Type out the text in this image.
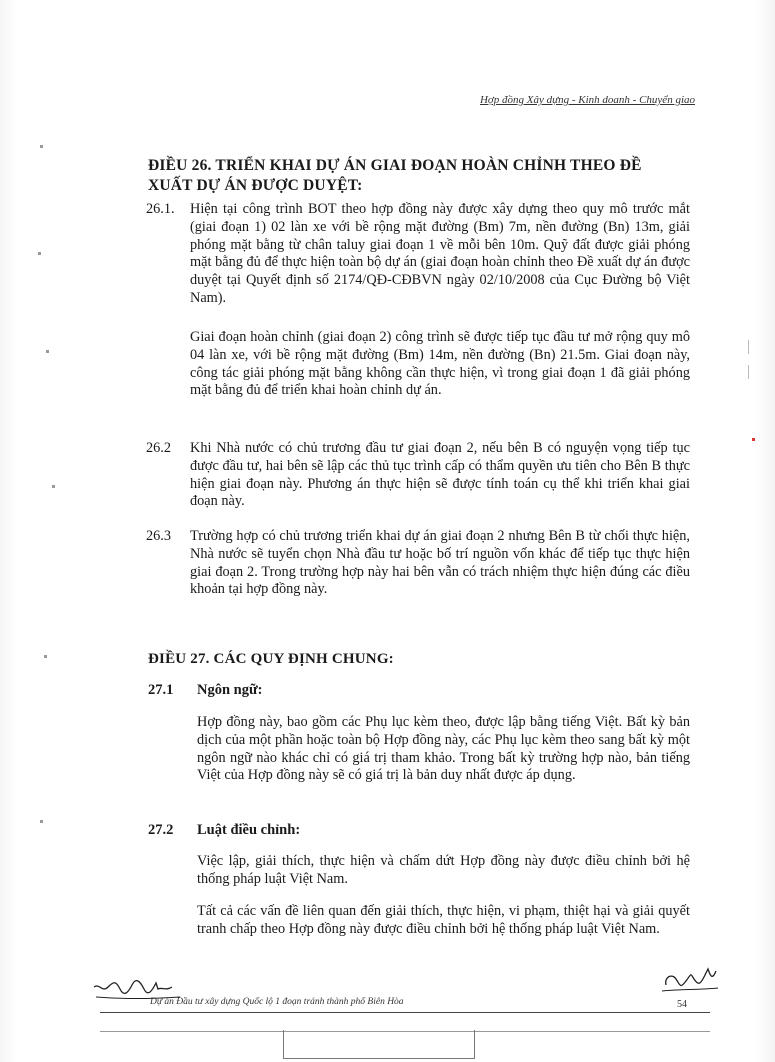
Hợp đồng Xây dựng - Kinh doanh - Chuyển giao
ĐIỀU 26. TRIỂN KHAI DỰ ÁN GIAI ĐOẠN HOÀN CHỈNH THEO ĐỀ
XUẤT DỰ ÁN ĐƯỢC DUYỆT:
26.1. Hiện tại công trình BOT theo hợp đồng này được xây dựng theo quy mô trước mắt (giai đoạn 1) 02 làn xe với bề rộng mặt đường (Bm) 7m, nền đường (Bn) 13m, giải phóng mặt bằng từ chân taluy giai đoạn 1 về mỗi bên 10m. Quỹ đất được giải phóng mặt bằng đủ để thực hiện toàn bộ dự án (giai đoạn hoàn chỉnh theo Đề xuất dự án được duyệt tại Quyết định số 2174/QĐ-CĐBVN ngày 02/10/2008 của Cục Đường bộ Việt Nam).
Giai đoạn hoàn chỉnh (giai đoạn 2) công trình sẽ được tiếp tục đầu tư mở rộng quy mô 04 làn xe, với bề rộng mặt đường (Bm) 14m, nền đường (Bn) 21.5m. Giai đoạn này, công tác giải phóng mặt bằng không cần thực hiện, vì trong giai đoạn 1 đã giải phóng mặt bằng đủ để triển khai hoàn chỉnh dự án.
26.2 Khi Nhà nước có chủ trương đầu tư giai đoạn 2, nếu bên B có nguyện vọng tiếp tục được đầu tư, hai bên sẽ lập các thủ tục trình cấp có thẩm quyền ưu tiên cho Bên B thực hiện giai đoạn này. Phương án thực hiện sẽ được tính toán cụ thể khi triển khai giai đoạn này.
26.3 Trường hợp có chủ trương triển khai dự án giai đoạn 2 nhưng Bên B từ chối thực hiện, Nhà nước sẽ tuyển chọn Nhà đầu tư hoặc bố trí nguồn vốn khác để tiếp tục thực hiện giai đoạn 2. Trong trường hợp này hai bên vẫn có trách nhiệm thực hiện đúng các điều khoản tại hợp đồng này.
ĐIỀU 27. CÁC QUY ĐỊNH CHUNG:
27.1 Ngôn ngữ:
Hợp đồng này, bao gồm các Phụ lục kèm theo, được lập bằng tiếng Việt. Bất kỳ bản dịch của một phần hoặc toàn bộ Hợp đồng này, các Phụ lục kèm theo sang bất kỳ một ngôn ngữ nào khác chỉ có giá trị tham khảo. Trong bất kỳ trường hợp nào, bản tiếng Việt của Hợp đồng này sẽ có giá trị là bản duy nhất được áp dụng.
27.2 Luật điều chỉnh:
Việc lập, giải thích, thực hiện và chấm dứt Hợp đồng này được điều chỉnh bởi hệ thống pháp luật Việt Nam.
Tất cả các vấn đề liên quan đến giải thích, thực hiện, vi phạm, thiệt hại và giải quyết tranh chấp theo Hợp đồng này được điều chỉnh bởi hệ thống pháp luật Việt Nam.
Dự án Đầu tư xây dựng Quốc lộ 1 đoạn tránh thành phố Biên Hòa	54
